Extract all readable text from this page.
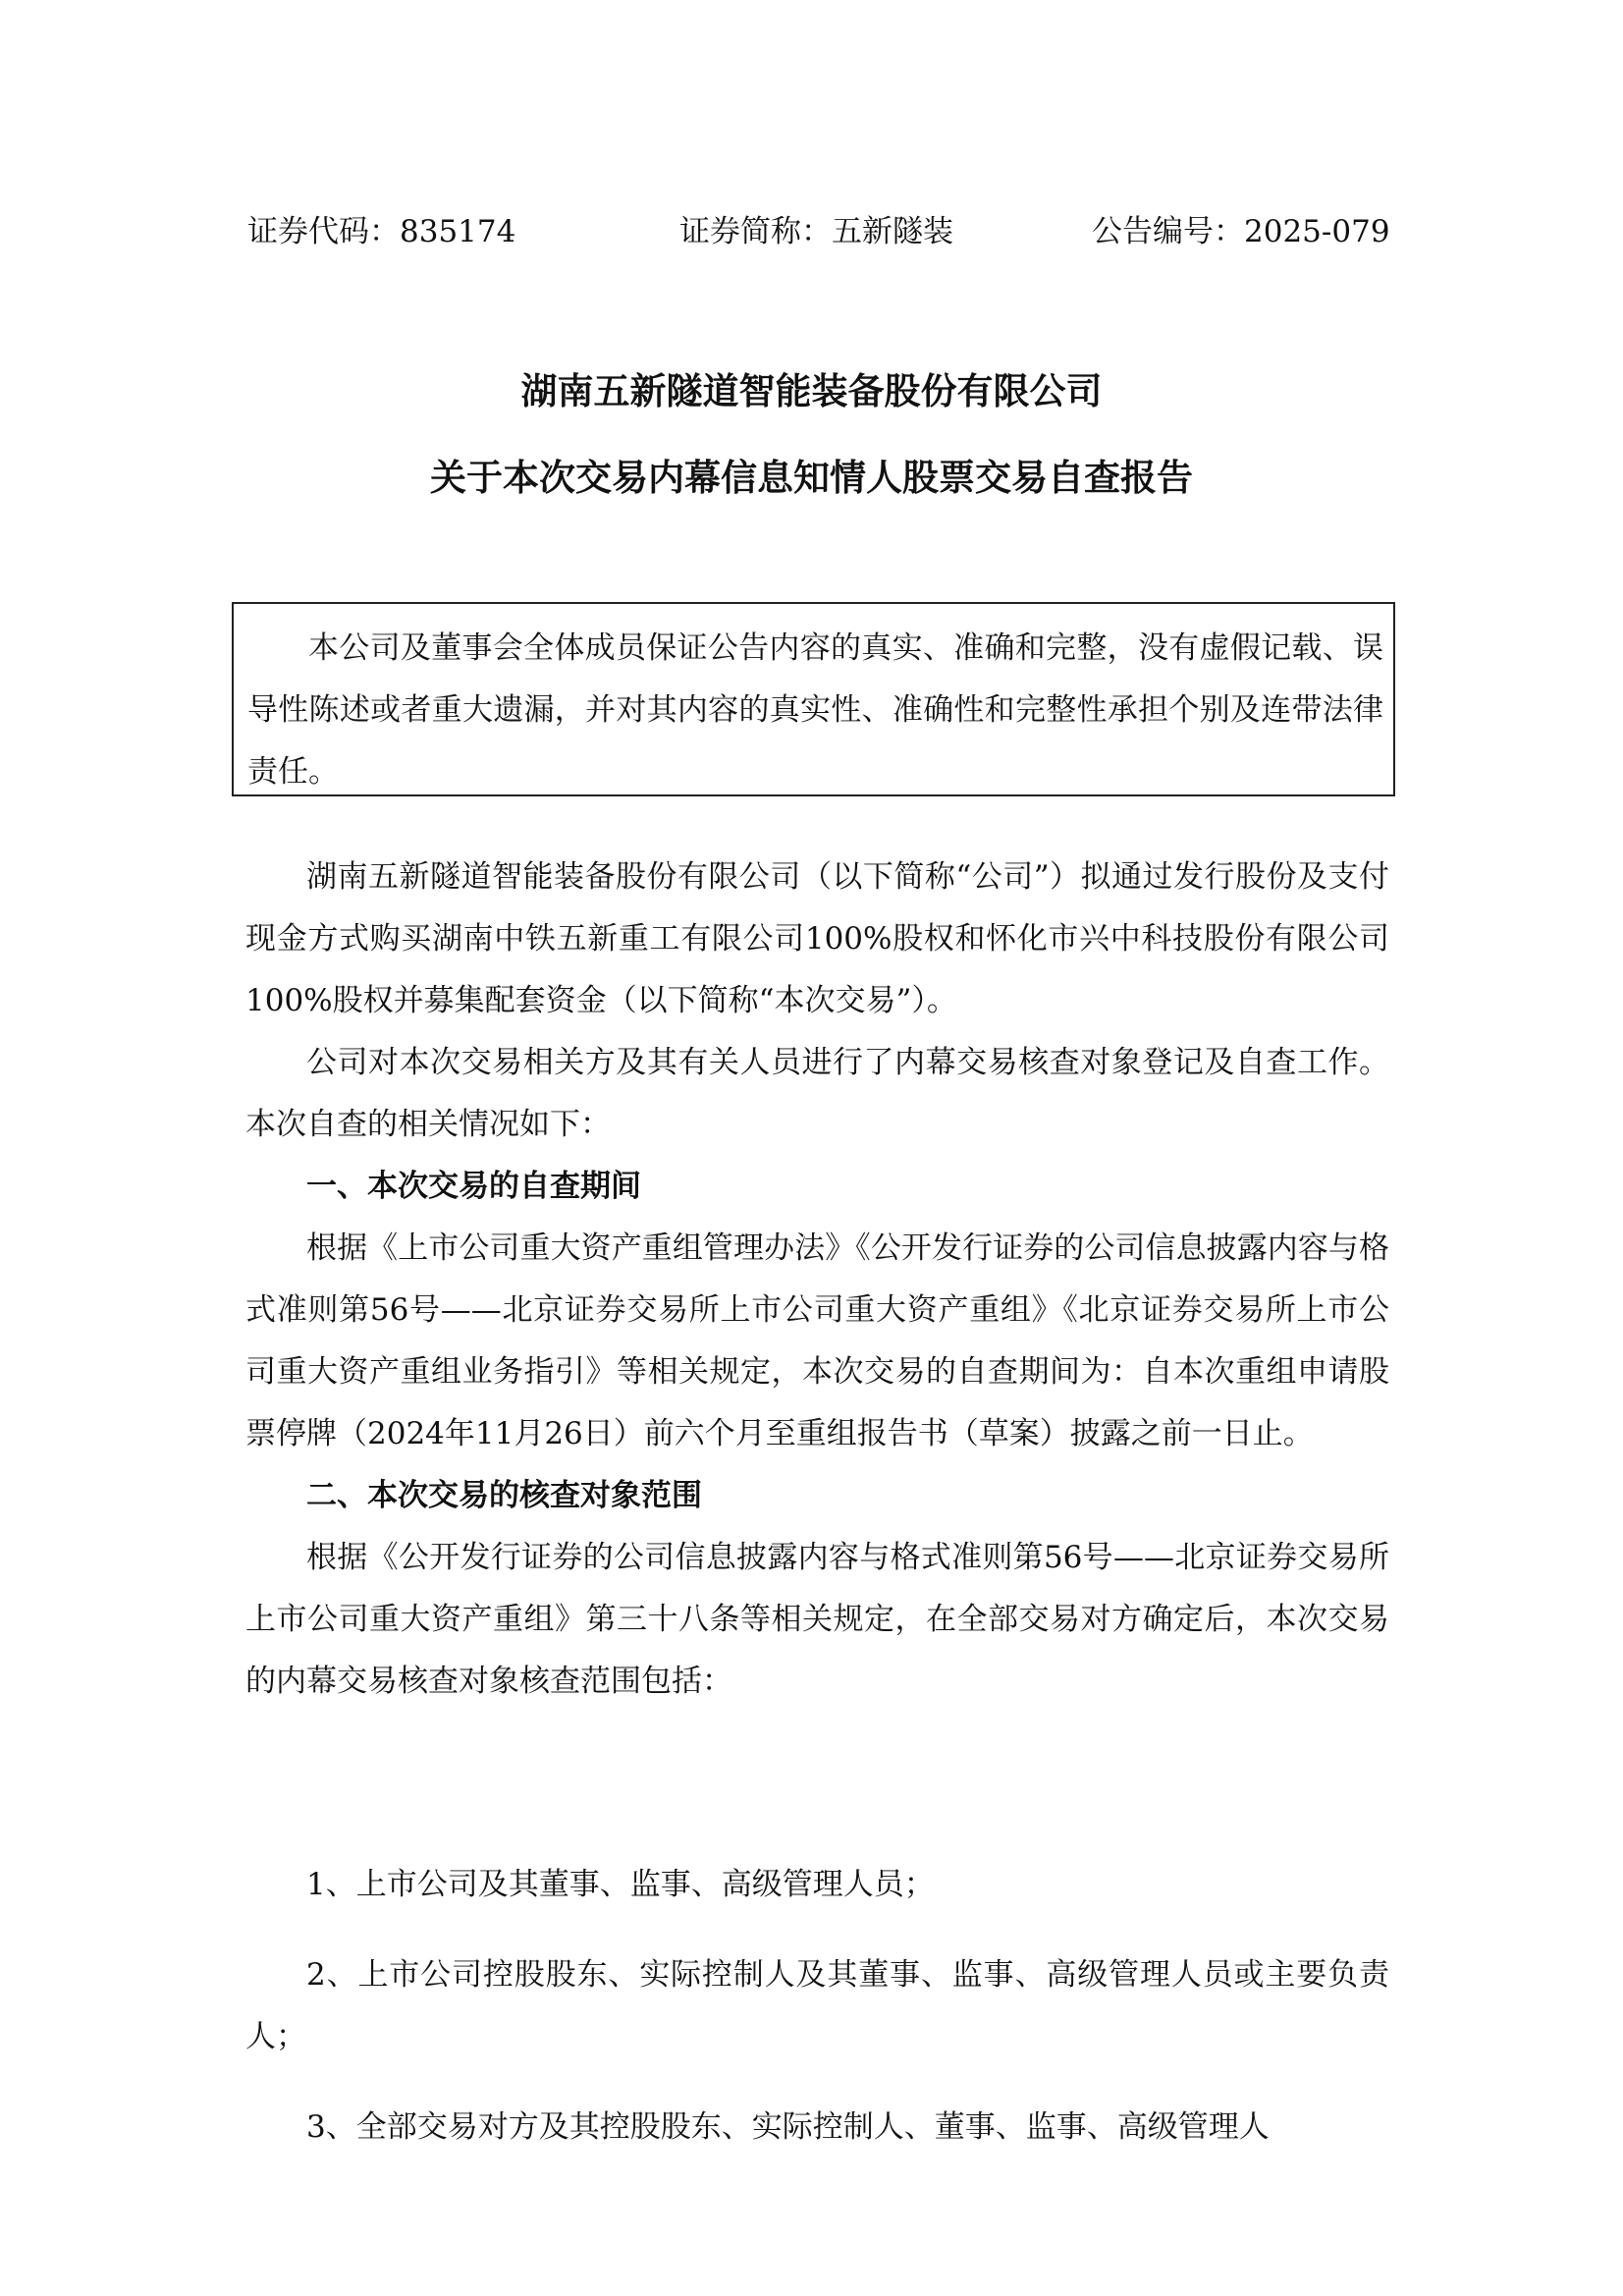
证券代码：835174	证券简称：五新隧装	公告编号：2025-079
湖南五新隧道智能装备股份有限公司
关于本次交易内幕信息知情人股票交易自查报告
本公司及董事会全体成员保证公告内容的真实、准确和完整，没有虚假记载、误导性陈述或者重大遗漏，并对其内容的真实性、准确性和完整性承担个别及连带法律责任。

湖南五新隧道智能装备股份有限公司（以下简称“公司”）拟通过发行股份及支付现金方式购买湖南中铁五新重工有限公司100%股权和怀化市兴中科技股份有限公司100%股权并募集配套资金（以下简称“本次交易”）。

公司对本次交易相关方及其有关人员进行了内幕交易核查对象登记及自查工作。本次自查的相关情况如下：

一、本次交易的自查期间

根据《上市公司重大资产重组管理办法》《公开发行证券的公司信息披露内容与格式准则第56号——北京证券交易所上市公司重大资产重组》《北京证券交易所上市公司重大资产重组业务指引》等相关规定，本次交易的自查期间为：自本次重组申请股票停牌（2024年11月26日）前六个月至重组报告书（草案）披露之前一日止。

二、本次交易的核查对象范围

根据《公开发行证券的公司信息披露内容与格式准则第56号——北京证券交易所上市公司重大资产重组》第三十八条等相关规定，在全部交易对方确定后，本次交易的内幕交易核查对象核查范围包括：

1、上市公司及其董事、监事、高级管理人员；

2、上市公司控股股东、实际控制人及其董事、监事、高级管理人员或主要负责人；

3、全部交易对方及其控股股东、实际控制人、董事、监事、高级管理人
